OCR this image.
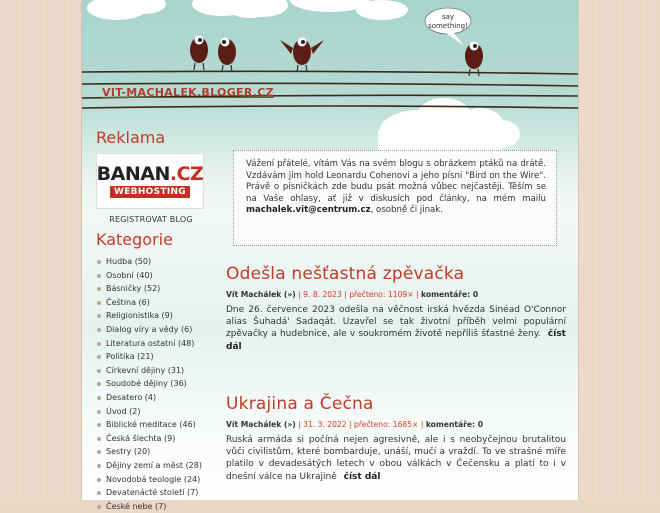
say
something!
VIT-MACHALEK.BLOGER.CZ
Reklama
BANAN.CZ
WEBHOSTING
REGISTROVAT BLOG
Kategorie
Hudba (50)
Osobní (40)
Básničky (52)
Čeština (6)
Religionistika (9)
Dialog víry a vědy (6)
Literatura ostatní (48)
Politika (21)
Církevní dějiny (31)
Soudobé dějiny (36)
Desatero (4)
Úvod (2)
Biblické meditace (46)
Česká šlechta (9)
Sestry (20)
Dějiny zemí a měst (28)
Novodobá teologie (24)
Devatenácté století (7)
České nebe (7)
Vážení přátelé, vítám Vás na svém blogu s obrázkem ptáků na drátě. Vzdávám jím hold Leonardu Cohenovi a jeho písni "Bird on the Wire". Právě o písničkách zde budu psát možná vůbec nejčastěji. Těším se na Vaše ohlasy, ať již v diskusích pod články, na mém mailu machalek.vit@centrum.cz, osobně či jinak.
Odešla nešťastná zpěvačka
Vít Machálek (») | 9. 8. 2023 | přečteno: 1109× | komentáře: 0

Dne 26. července 2023 odešla na věčnost irská hvězda Sinéad O'Connor alias Šuhadá' Sadaqát. Uzavřel se tak životní příběh velmi populární zpěvačky a hudebnice, ale v soukromém životě nepříliš šťastné ženy. číst dál

Ukrajina a Čečna
Vít Machálek (») | 31. 3. 2022 | přečteno: 1685× | komentáře: 0

Ruská armáda si počíná nejen agresivně, ale i s neobyčejnou brutalitou vůči civilistům, které bombarduje, unáší, mučí a vraždí. To ve strašné míře platilo v devadesátých letech v obou válkách v Čečensku a platí to i v dnešní válce na Ukrajině číst dál
